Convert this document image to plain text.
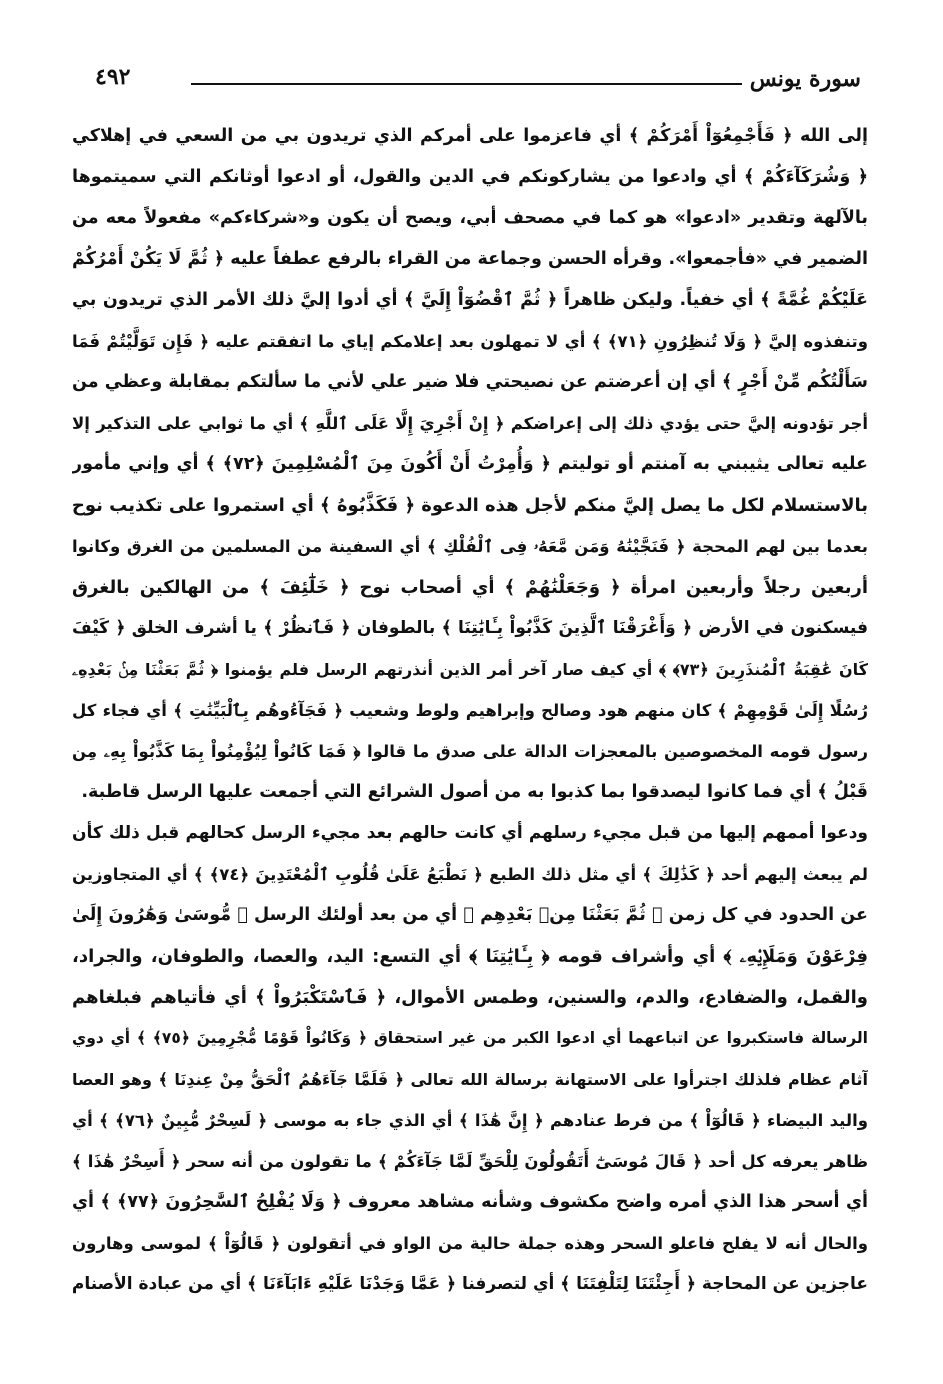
سورة يونس
٤٩٢
إلى الله ﴿ فَأَجْمِعُوٓاْ أَمْرَكُمْ ﴾ أي فاعزموا على أمركم الذي تريدون بي من السعي في إهلاكي
﴿ وَشُرَكَآءَكُمْ ﴾ أي وادعوا من يشاركونكم في الدين والقول، أو ادعوا أوثانكم التي سميتموها
بالآلهة وتقدير «ادعوا» هو كما في مصحف أبي، ويصح أن يكون و«شركاءكم» مفعولاً معه من
الضمير في «فأجمعوا». وقرأه الحسن وجماعة من القراء بالرفع عطفاً عليه ﴿ ثُمَّ لَا يَكُنْ أَمْرُكُمْ
عَلَيْكُمْ غُمَّةً ﴾ أي خفياً. وليكن ظاهراً ﴿ ثُمَّ ٱقْضُوٓاْ إِلَيَّ ﴾ أي أدوا إليَّ ذلك الأمر الذي تريدون بي
وتنفذوه إليَّ ﴿ وَلَا تُنظِرُونِ ﴿٧١﴾ ﴾ أي لا تمهلون بعد إعلامكم إياي ما اتفقتم عليه ﴿ فَإِن تَوَلَّيْتُمْ فَمَا
سَأَلْتُكُم مِّنْ أَجْرٍ ﴾ أي إن أعرضتم عن نصيحتي فلا ضير علي لأني ما سألتكم بمقابلة وعظي من
أجر تؤدونه إليَّ حتى يؤدي ذلك إلى إعراضكم ﴿ إِنْ أَجْرِيَ إِلَّا عَلَى ٱللَّهِ ﴾ أي ما ثوابي على التذكير إلا
عليه تعالى يثيبني به آمنتم أو توليتم ﴿ وَأُمِرْتُ أَنْ أَكُونَ مِنَ ٱلْمُسْلِمِينَ ﴿٧٢﴾ ﴾ أي وإني مأمور
بالاستسلام لكل ما يصل إليَّ منكم لأجل هذه الدعوة ﴿ فَكَذَّبُوهُ ﴾ أي استمروا على تكذيب نوح
بعدما بين لهم المحجة ﴿ فَنَجَّيْنَٰهُ وَمَن مَّعَهُۥ فِى ٱلْفُلْكِ ﴾ أي السفينة من المسلمين من الغرق وكانوا
أربعين رجلاً وأربعين امرأة ﴿ وَجَعَلْنَٰهُمْ ﴾ أي أصحاب نوح ﴿ خَلَٰٓئِفَ ﴾ من الهالكين بالغرق
فيسكنون في الأرض ﴿ وَأَغْرَقْنَا ٱلَّذِينَ كَذَّبُواْ بِـَٔايَٰتِنَا ﴾ بالطوفان ﴿ فَٱنظُرْ ﴾ يا أشرف الخلق ﴿ كَيْفَ
كَانَ عَٰقِبَةُ ٱلْمُنذَرِينَ ﴿٧٣﴾ ﴾ أي كيف صار آخر أمر الذين أنذرتهم الرسل فلم يؤمنوا ﴿ ثُمَّ بَعَثْنَا مِنۢ بَعْدِهِۦ
رُسُلًا إِلَىٰ قَوْمِهِمْ ﴾ كان منهم هود وصالح وإبراهيم ولوط وشعيب ﴿ فَجَآءُوهُم بِٱلْبَيِّنَٰتِ ﴾ أي فجاء كل
رسول قومه المخصوصين بالمعجزات الدالة على صدق ما قالوا ﴿ فَمَا كَانُواْ لِيُؤْمِنُواْ بِمَا كَذَّبُواْ بِهِۦ مِن
قَبْلُ ﴾ أي فما كانوا ليصدقوا بما كذبوا به من أصول الشرائع التي أجمعت عليها الرسل قاطبة.
ودعوا أممهم إليها من قبل مجيء رسلهم أي كانت حالهم بعد مجيء الرسل كحالهم قبل ذلك كأن
لم يبعث إليهم أحد ﴿ كَذَٰلِكَ ﴾ أي مثل ذلك الطبع ﴿ نَطْبَعُ عَلَىٰ قُلُوبِ ٱلْمُعْتَدِينَ ﴿٧٤﴾ ﴾ أي المتجاوزين
عن الحدود في كل زمن ﴿ ثُمَّ بَعَثْنَا مِنۢ بَعْدِهِم ﴾ أي من بعد أولئك الرسل ﴿ مُّوسَىٰ وَهَٰرُونَ إِلَىٰ
فِرْعَوْنَ وَمَلَإِي۟هِۦ ﴾ أي وأشراف قومه ﴿ بِـَٔايَٰتِنَا ﴾ أي التسع: اليد، والعصا، والطوفان، والجراد،
والقمل، والضفادع، والدم، والسنين، وطمس الأموال، ﴿ فَٱسْتَكْبَرُواْ ﴾ أي فأتياهم فبلغاهم
الرسالة فاستكبروا عن اتباعهما أي ادعوا الكبر من غير استحقاق ﴿ وَكَانُواْ قَوْمًا مُّجْرِمِينَ ﴿٧٥﴾ ﴾ أي دوي
آثام عظام فلذلك اجترأوا على الاستهانة برسالة الله تعالى ﴿ فَلَمَّا جَآءَهُمُ ٱلْحَقُّ مِنْ عِندِنَا ﴾ وهو العصا
واليد البيضاء ﴿ قَالُوٓاْ ﴾ من فرط عنادهم ﴿ إِنَّ هَٰذَا ﴾ أي الذي جاء به موسى ﴿ لَسِحْرٌ مُّبِينٌ ﴿٧٦﴾ ﴾ أي
ظاهر يعرفه كل أحد ﴿ قَالَ مُوسَىٰٓ أَتَقُولُونَ لِلْحَقِّ لَمَّا جَآءَكُمْ ﴾ ما تقولون من أنه سحر ﴿ أَسِحْرٌ هَٰذَا ﴾
أي أسحر هذا الذي أمره واضح مكشوف وشأنه مشاهد معروف ﴿ وَلَا يُفْلِحُ ٱلسَّٰحِرُونَ ﴿٧٧﴾ ﴾ أي
والحال أنه لا يفلح فاعلو السحر وهذه جملة حالية من الواو في أتقولون ﴿ قَالُوٓاْ ﴾ لموسى وهارون
عاجزين عن المحاجة ﴿ أَجِئْتَنَا لِتَلْفِتَنَا ﴾ أي لتصرفنا ﴿ عَمَّا وَجَدْنَا عَلَيْهِ ءَابَآءَنَا ﴾ أي من عبادة الأصنام
